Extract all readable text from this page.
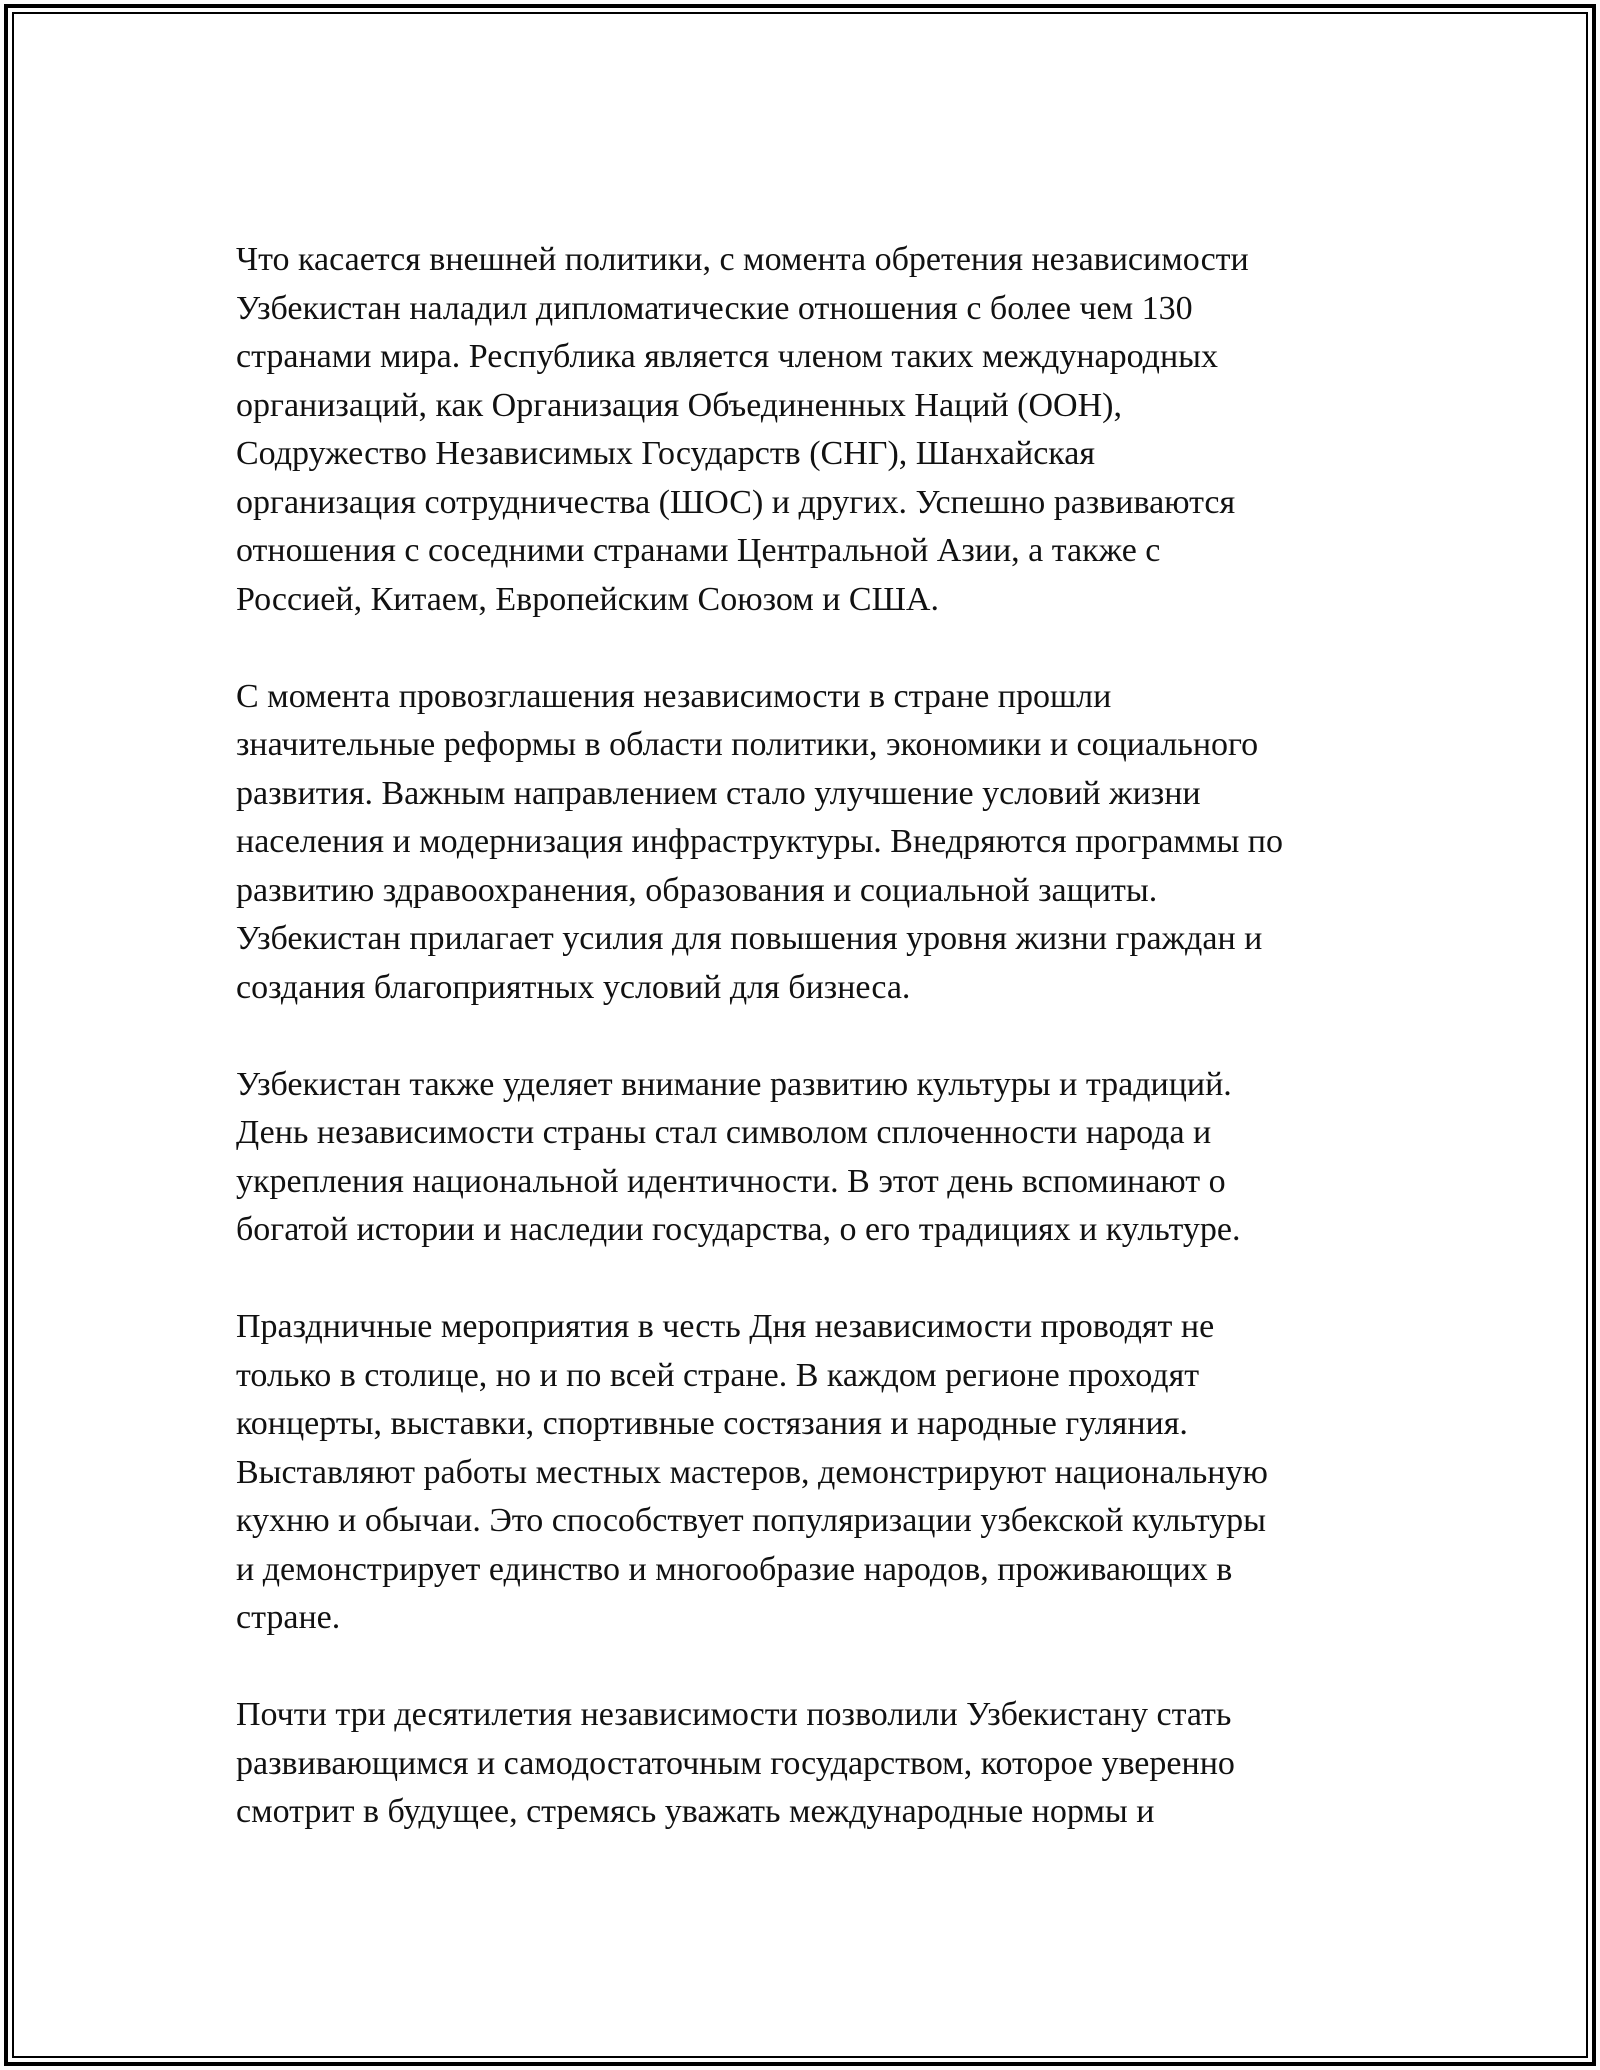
Что касается внешней политики, с момента обретения независимости
Узбекистан наладил дипломатические отношения с более чем 130
странами мира. Республика является членом таких международных
организаций, как Организация Объединенных Наций (ООН),
Содружество Независимых Государств (СНГ), Шанхайская
организация сотрудничества (ШОС) и других. Успешно развиваются
отношения с соседними странами Центральной Азии, а также с
Россией, Китаем, Европейским Союзом и США.

С момента провозглашения независимости в стране прошли
значительные реформы в области политики, экономики и социального
развития. Важным направлением стало улучшение условий жизни
населения и модернизация инфраструктуры. Внедряются программы по
развитию здравоохранения, образования и социальной защиты.
Узбекистан прилагает усилия для повышения уровня жизни граждан и
создания благоприятных условий для бизнеса.

Узбекистан также уделяет внимание развитию культуры и традиций.
День независимости страны стал символом сплоченности народа и
укрепления национальной идентичности. В этот день вспоминают о
богатой истории и наследии государства, о его традициях и культуре.

Праздничные мероприятия в честь Дня независимости проводят не
только в столице, но и по всей стране. В каждом регионе проходят
концерты, выставки, спортивные состязания и народные гуляния.
Выставляют работы местных мастеров, демонстрируют национальную
кухню и обычаи. Это способствует популяризации узбекской культуры
и демонстрирует единство и многообразие народов, проживающих в
стране.

Почти три десятилетия независимости позволили Узбекистану стать
развивающимся и самодостаточным государством, которое уверенно
смотрит в будущее, стремясь уважать международные нормы и
